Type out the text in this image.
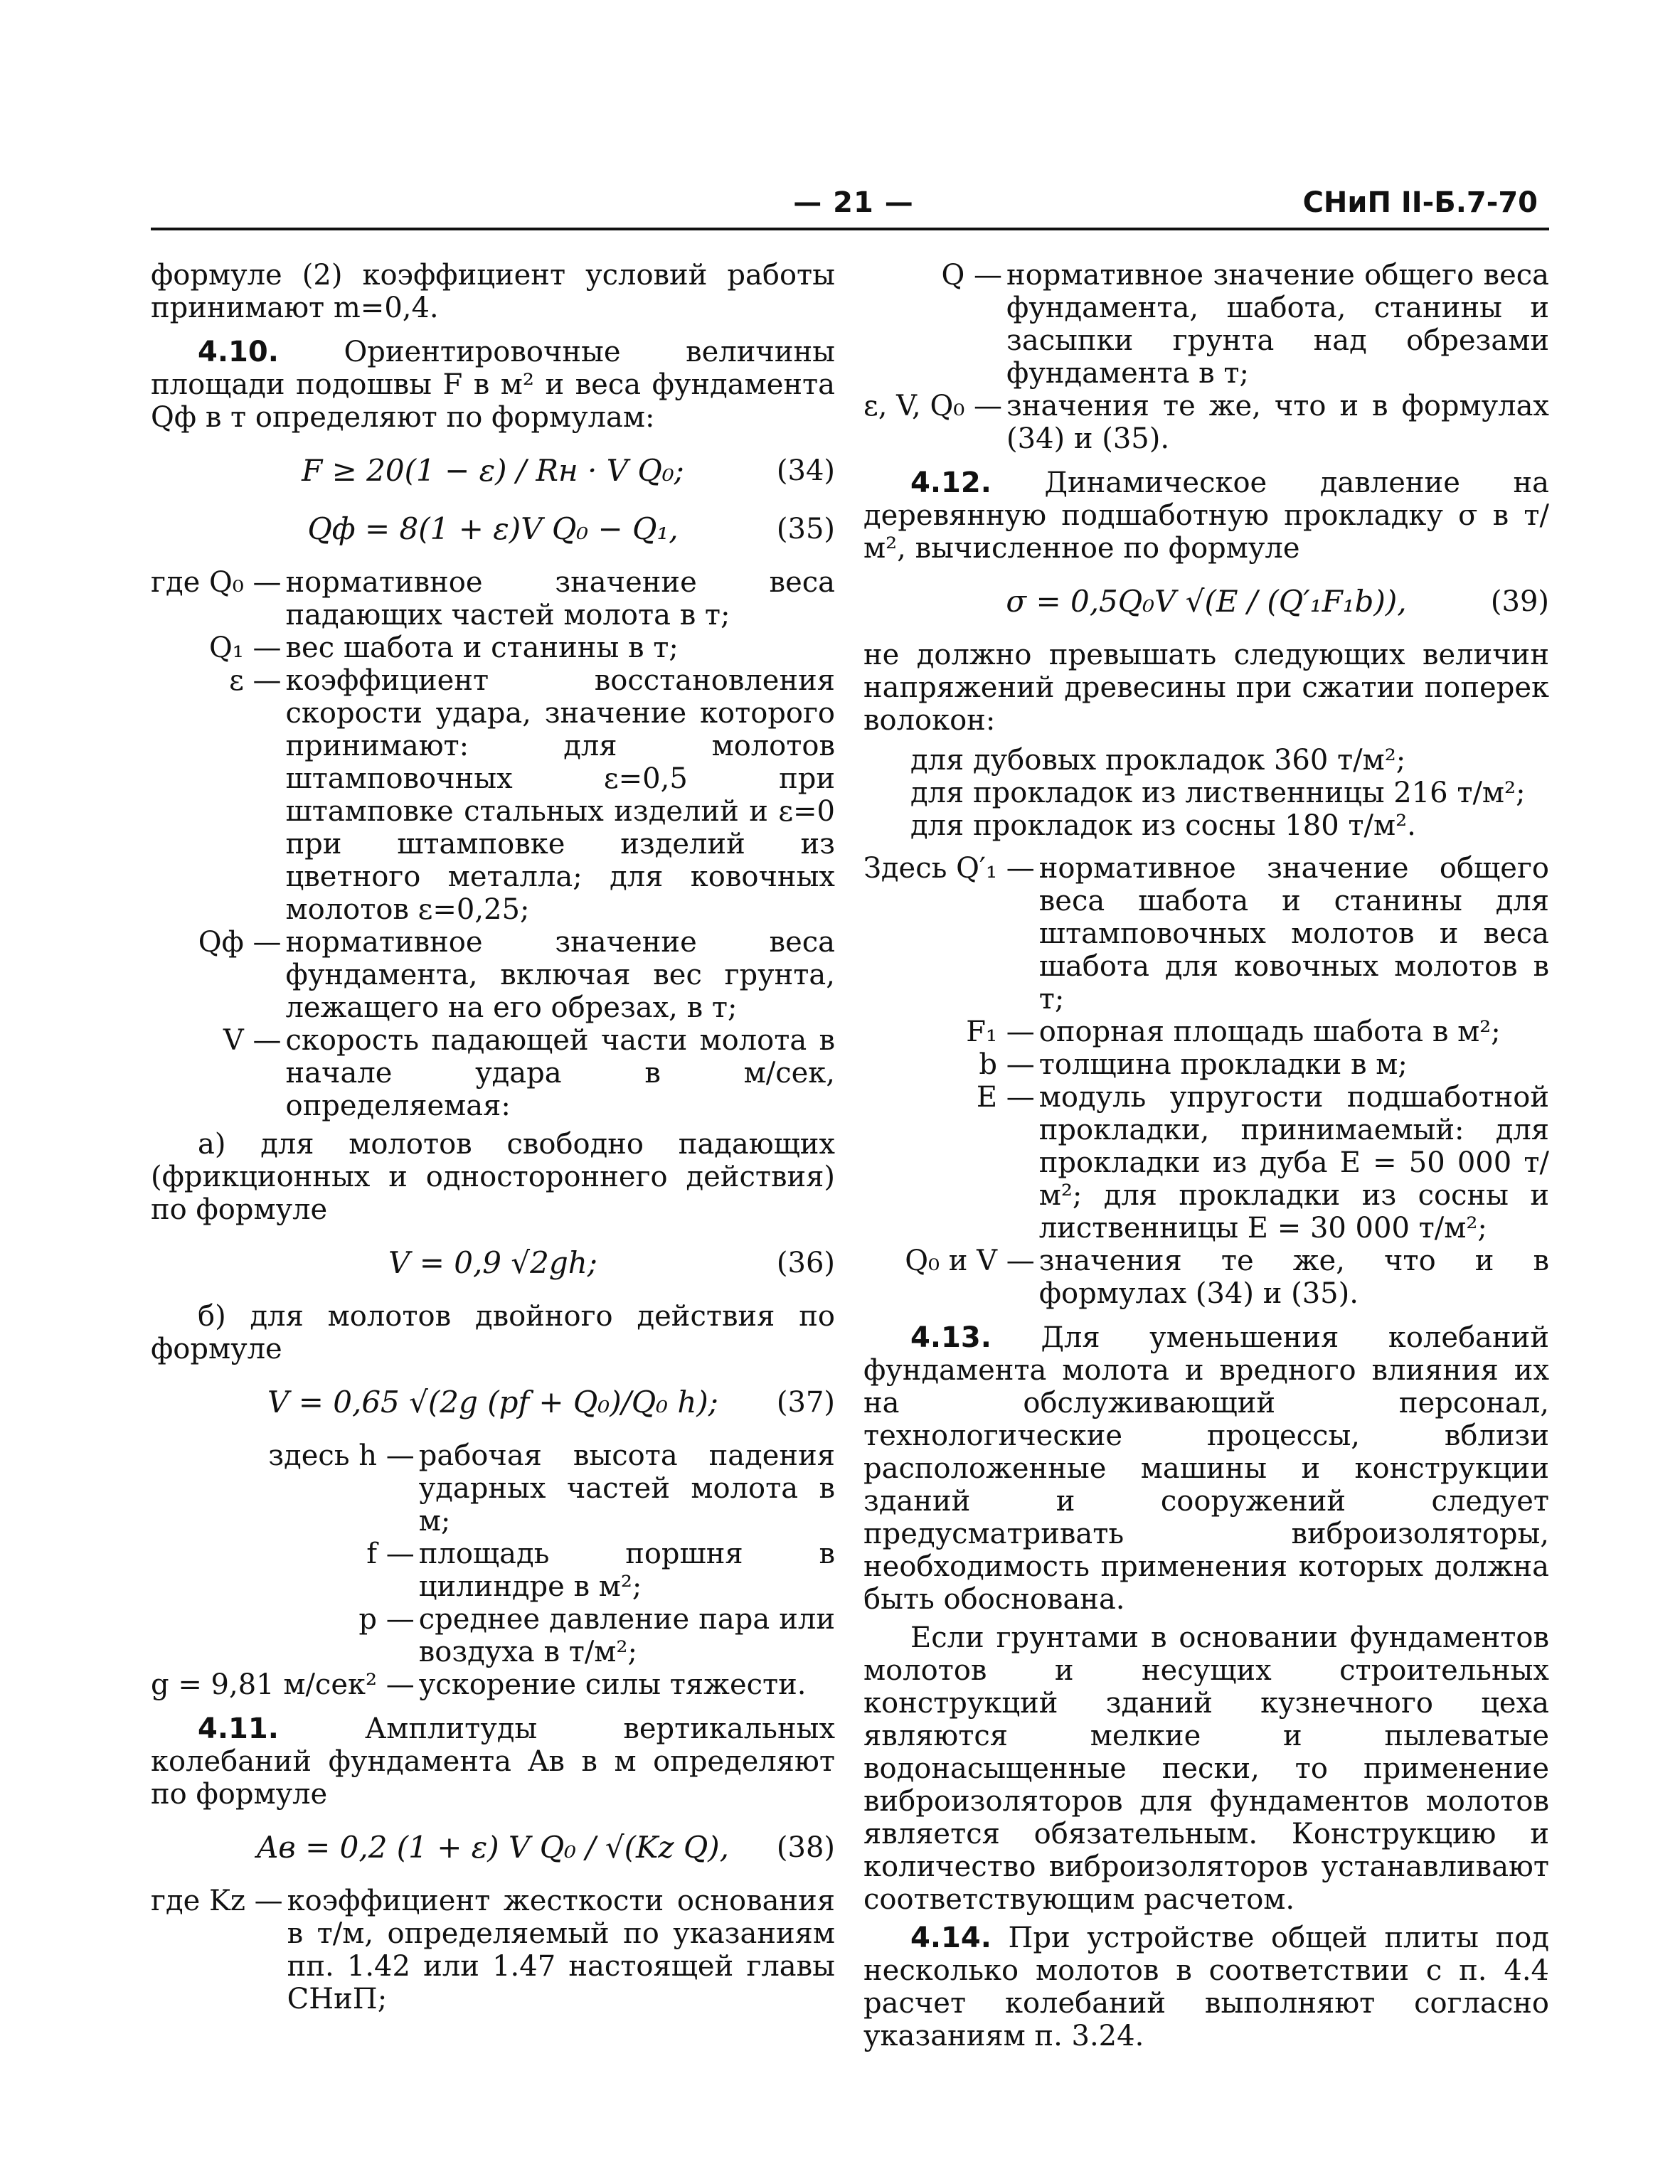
— 21 —	СНиП II-Б.7-70

формуле (2) коэффициент условий работы принимают m=0,4.

4.10. Ориентировочные величины площади подошвы F в м² и веса фундамента Qф в т определяют по формулам:

F ≥ 20(1 − ε) / Rн · V Q₀;	(34)
Qф = 8(1 + ε)V Q₀ − Q₁,	(35)
где Q₀ — нормативное значение веса падающих частей молота в т;
Q₁ — вес шабота и станины в т;
ε — коэффициент восстановления скорости удара, значение которого принимают: для молотов штамповочных ε=0,5 при штамповке стальных изделий и ε=0 при штамповке изделий из цветного металла; для ковочных молотов ε=0,25;
Qф — нормативное значение веса фундамента, включая вес грунта, лежащего на его обрезах, в т;
V — скорость падающей части молота в начале удара в м/сек, определяемая:

а) для молотов свободно падающих (фрикционных и одностороннего действия) по формуле

V = 0,9 √2gh;	(36)

б) для молотов двойного действия по формуле

V = 0,65 √(2g (pf + Q₀)/Q₀ h); (37)
здесь h — рабочая высота падения ударных частей молота в м;
f — площадь поршня в цилиндре в м²;
p — среднее давление пара или воздуха в т/м²;
g = 9,81 м/сек² — ускорение силы тяжести.

4.11. Амплитуды вертикальных колебаний фундамента Aв в м определяют по формуле

Aв = 0,2 (1 + ε) V Q₀ / √(Kz Q), (38)
где Kz — коэффициент жесткости основания в т/м, определяемый по указаниям пп. 1.42 или 1.47 настоящей главы СНиП;
Q — нормативное значение общего веса фундамента, шабота, станины и засыпки грунта над обрезами фундамента в т;
ε, V, Q₀ — значения те же, что и в формулах (34) и (35).

4.12. Динамическое давление на деревянную подшаботную прокладку σ в т/м², вычисленное по формуле

σ = 0,5Q₀V √(E / (Q′₁F₁b)),	(39)

не должно превышать следующих величин напряжений древесины при сжатии поперек волокон:

для дубовых прокладок 360 т/м²;
для прокладок из лиственницы 216 т/м²;
для прокладок из сосны 180 т/м².
Здесь Q′₁ — нормативное значение общего веса шабота и станины для штамповочных молотов и веса шабота для ковочных молотов в т;
F₁ — опорная площадь шабота в м²;
b — толщина прокладки в м;
E — модуль упругости подшаботной прокладки, принимаемый: для прокладки из дуба E = 50 000 т/м²; для прокладки из сосны и лиственницы E = 30 000 т/м²;
Q₀ и V — значения те же, что и в формулах (34) и (35).

4.13. Для уменьшения колебаний фундамента молота и вредного влияния их на обслуживающий персонал, технологические процессы, вблизи расположенные машины и конструкции зданий и сооружений следует предусматривать виброизоляторы, необходимость применения которых должна быть обоснована.

Если грунтами в основании фундаментов молотов и несущих строительных конструкций зданий кузнечного цеха являются мелкие и пылеватые водонасыщенные пески, то применение виброизоляторов для фундаментов молотов является обязательным. Конструкцию и количество виброизоляторов устанавливают соответствующим расчетом.

4.14. При устройстве общей плиты под несколько молотов в соответствии с п. 4.4 расчет колебаний выполняют согласно указаниям п. 3.24.
